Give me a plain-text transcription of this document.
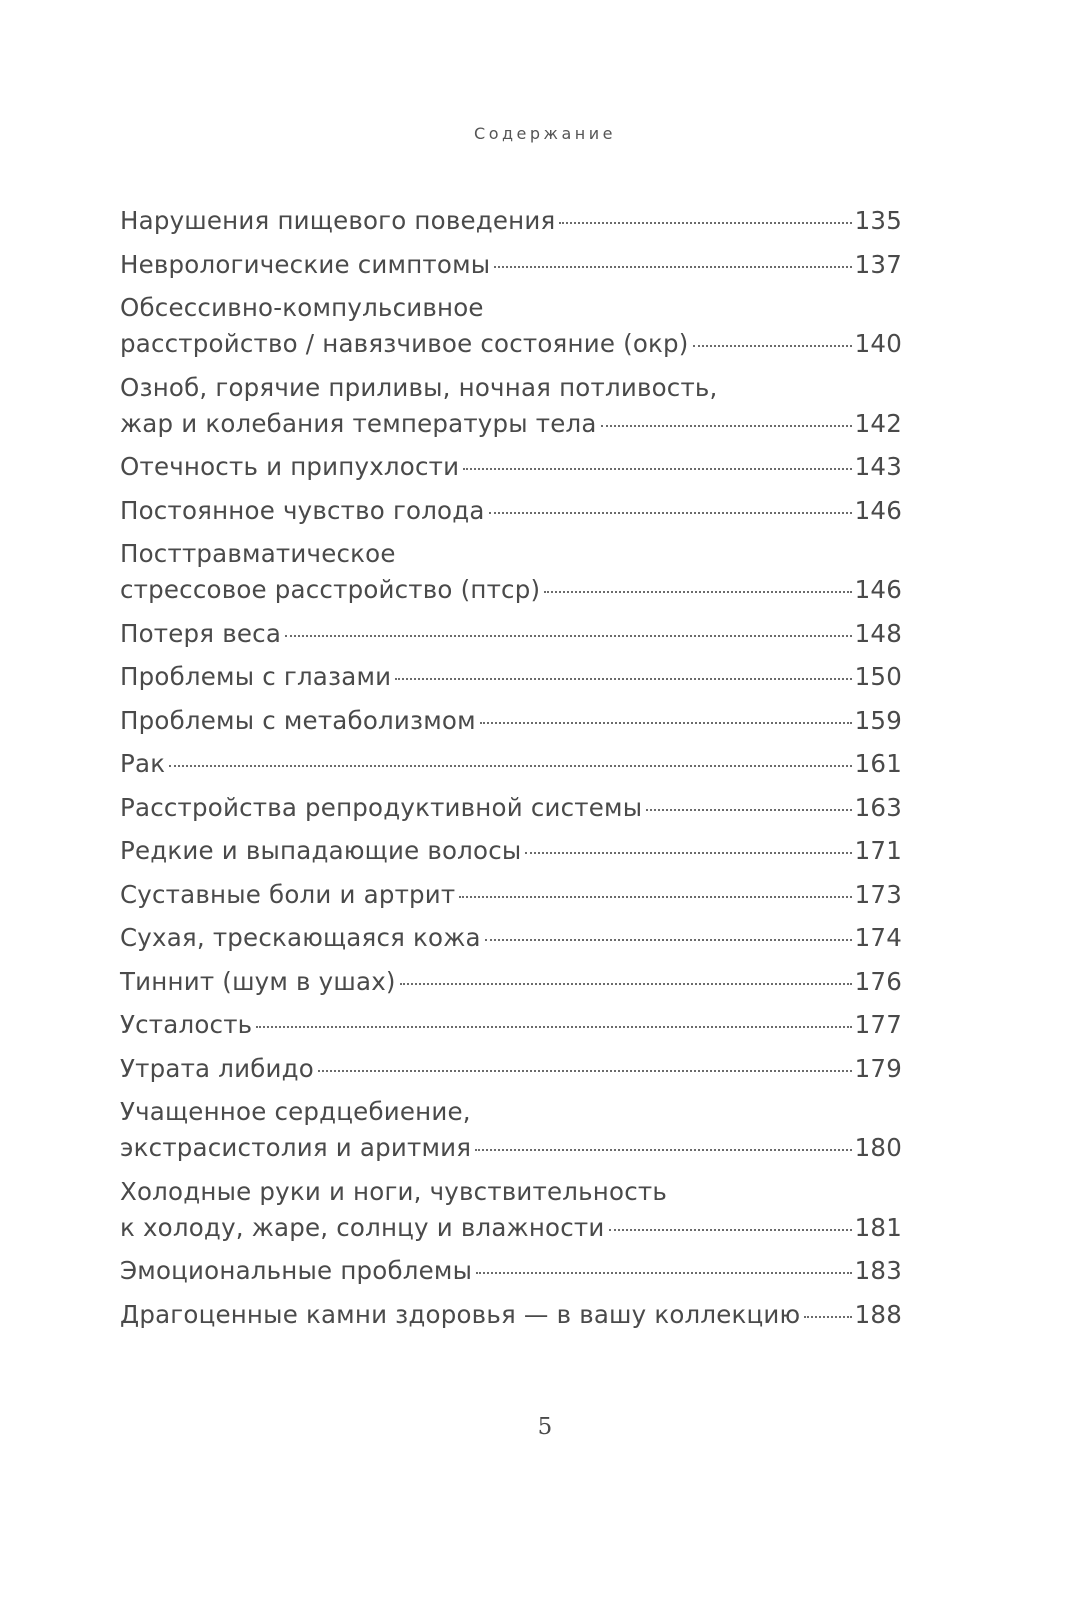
Содержание
Нарушения пищевого поведения	135
Неврологические симптомы	137
Обсессивно-компульсивное
расстройство / навязчивое состояние (окр)	140
Озноб, горячие приливы, ночная потливость,
жар и колебания температуры тела	142
Отечность и припухлости	143
Постоянное чувство голода	146
Посттравматическое
стрессовое расстройство (птср)	146
Потеря веса	148
Проблемы с глазами	150
Проблемы с метаболизмом	159
Рак	161
Расстройства репродуктивной системы	163
Редкие и выпадающие волосы	171
Суставные боли и артрит	173
Сухая, трескающаяся кожа	174
Тиннит (шум в ушах)	176
Усталость	177
Утрата либидо	179
Учащенное сердцебиение,
экстрасистолия и аритмия	180
Холодные руки и ноги, чувствительность
к холоду, жаре, солнцу и влажности	181
Эмоциональные проблемы	183
Драгоценные камни здоровья — в вашу коллекцию 188
5
